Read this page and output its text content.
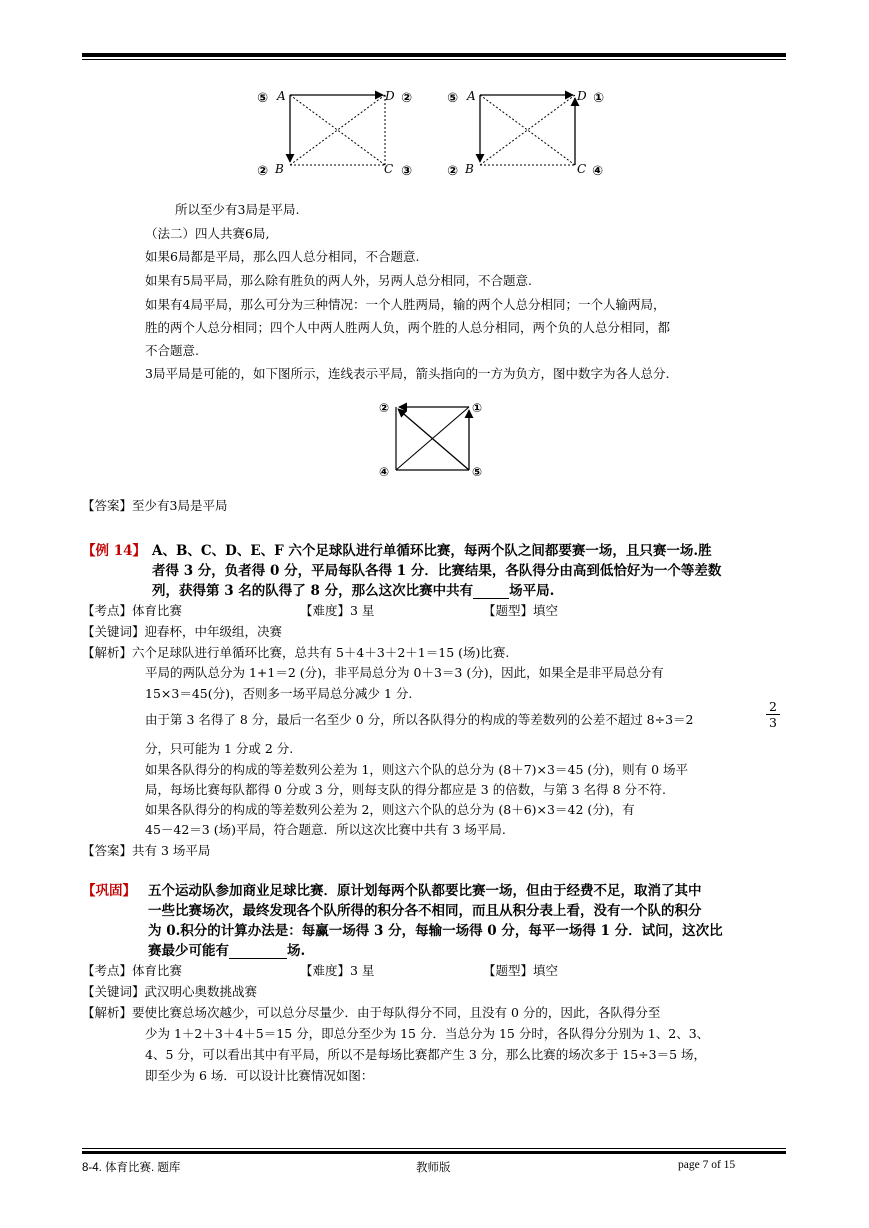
⑤ A	D ②
② B	C ③
⑤ A	D ①
② B	C ④
所以至少有3局是平局.
（法二）四人共赛6局,
如果6局都是平局，那么四人总分相同，不合题意.
如果有5局平局，那么除有胜负的两人外，另两人总分相同，不合题意.
如果有4局平局，那么可分为三种情况：一个人胜两局，输的两个人总分相同；一个人输两局，
胜的两个人总分相同；四个人中两人胜两人负，两个胜的人总分相同，两个负的人总分相同，都
不合题意.
3局平局是可能的，如下图所示，连线表示平局，箭头指向的一方为负方，图中数字为各人总分.
②	①
④	⑤
【答案】至少有3局是平局
【例 14】 A、B、C、D、E、F 六个足球队进行单循环比赛，每两个队之间都要赛一场，且只赛一场.胜
者得 3 分，负者得 0 分，平局每队各得 1 分．比赛结果，各队得分由高到低恰好为一个等差数
列，获得第 3 名的队得了 8 分，那么这次比赛中共有	场平局.
【考点】体育比赛	【难度】3 星	【题型】填空
【关键词】迎春杯，中年级组，决赛
【解析】六个足球队进行单循环比赛，总共有 5＋4＋3＋2＋1＝15 (场)比赛.
平局的两队总分为 1+1＝2 (分)，非平局总分为 0＋3＝3 (分)，因此，如果全是非平局总分有
15×3＝45(分)，否则多一场平局总分减少 1 分.
由于第 3 名得了 8 分，最后一名至少 0 分，所以各队得分的构成的等差数列的公差不超过 8÷3＝2	$\frac{2}{3}$
分，只可能为 1 分或 2 分.
如果各队得分的构成的等差数列公差为 1，则这六个队的总分为 (8＋7)×3＝45 (分)，则有 0 场平
局，每场比赛每队都得 0 分或 3 分，则每支队的得分都应是 3 的倍数，与第 3 名得 8 分不符.
如果各队得分的构成的等差数列公差为 2，则这六个队的总分为 (8＋6)×3＝42 (分)，有
45－42＝3 (场)平局，符合题意．所以这次比赛中共有 3 场平局.
【答案】共有 3 场平局
【巩固】 五个运动队参加商业足球比赛．原计划每两个队都要比赛一场，但由于经费不足，取消了其中
一些比赛场次，最终发现各个队所得的积分各不相同，而且从积分表上看，没有一个队的积分
为 0.积分的计算办法是：每赢一场得 3 分，每输一场得 0 分，每平一场得 1 分．试问，这次比
赛最少可能有	场.
【考点】体育比赛	【难度】3 星	【题型】填空
【关键词】武汉明心奥数挑战赛
【解析】要使比赛总场次越少，可以总分尽量少．由于每队得分不同，且没有 0 分的，因此，各队得分至
少为 1＋2＋3＋4＋5＝15 分，即总分至少为 15 分．当总分为 15 分时，各队得分分别为 1、2、3、
4、5 分，可以看出其中有平局，所以不是每场比赛都产生 3 分，那么比赛的场次多于 15÷3＝5 场，
即至少为 6 场．可以设计比赛情况如图：
8-4. 体育比赛. 题库	教师版	page 7 of 15
